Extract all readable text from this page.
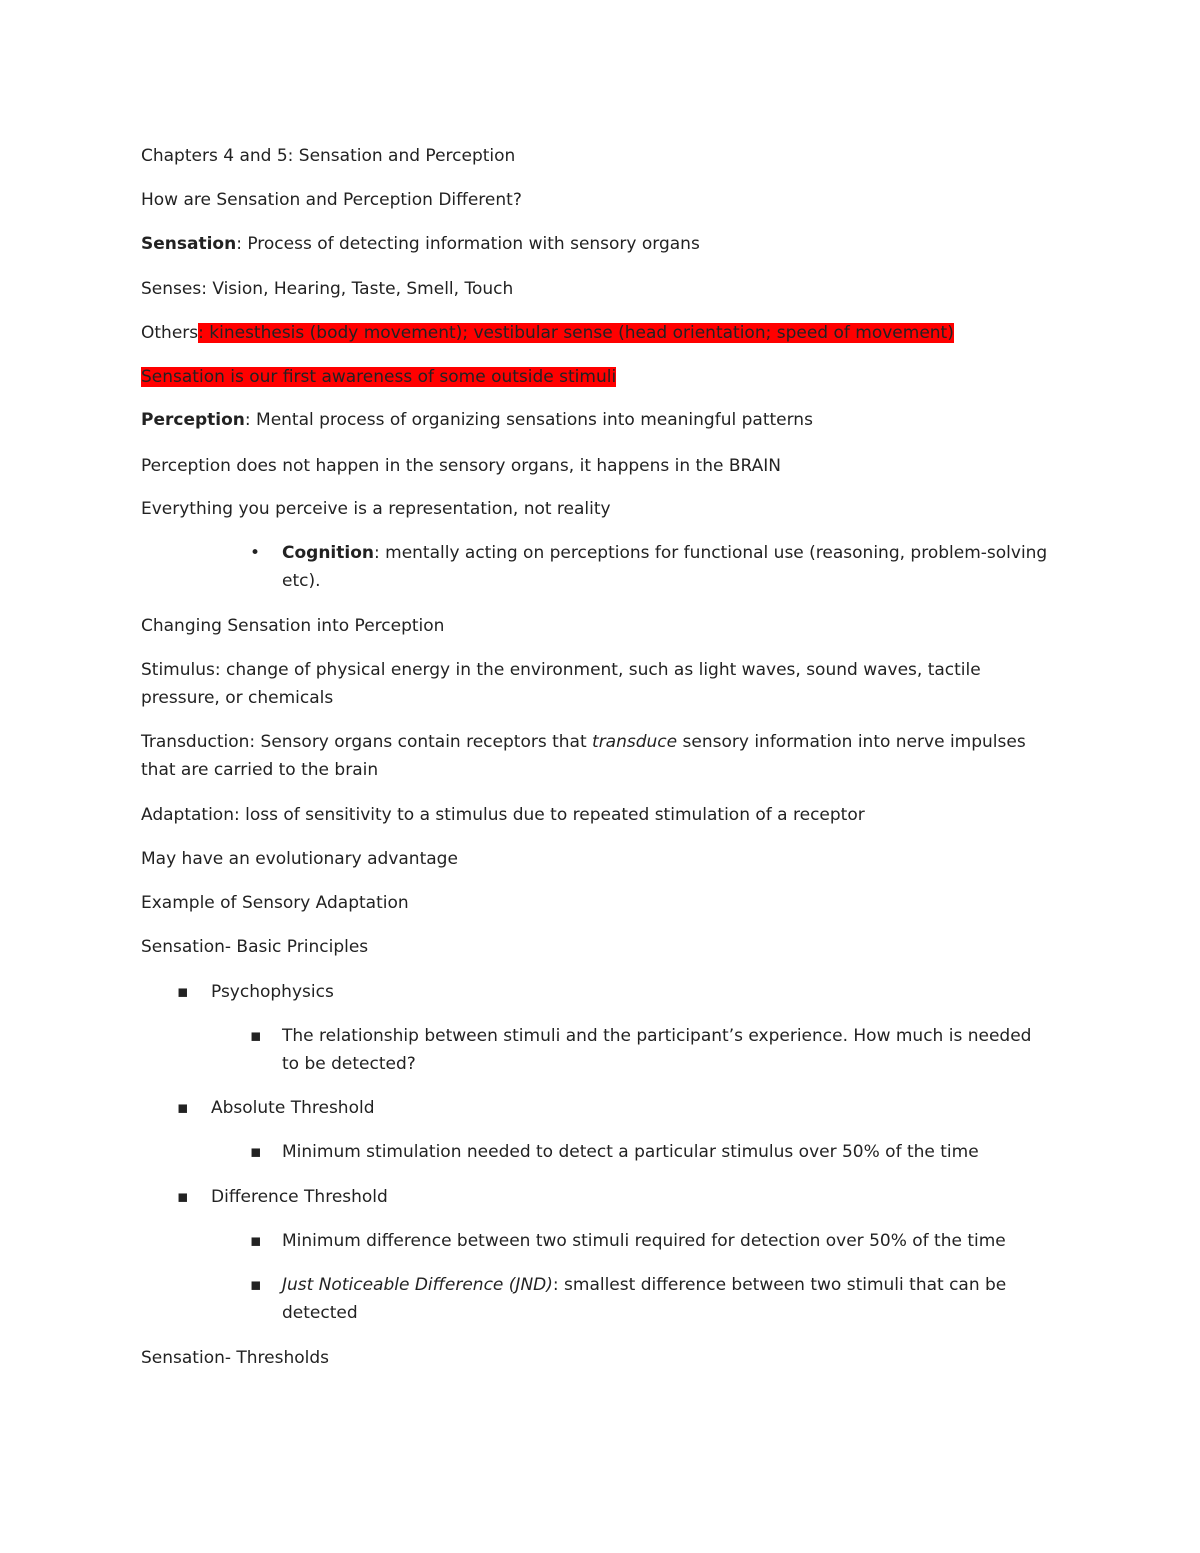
Chapters 4 and 5: Sensation and Perception
How are Sensation and Perception Different?
Sensation: Process of detecting information with sensory organs
Senses: Vision, Hearing, Taste, Smell, Touch
Others: kinesthesis (body movement); vestibular sense (head orientation; speed of movement)
Sensation is our first awareness of some outside stimuli
Perception: Mental process of organizing sensations into meaningful patterns
Perception does not happen in the sensory organs, it happens in the BRAIN
Everything you perceive is a representation, not reality
• Cognition: mentally acting on perceptions for functional use (reasoning, problem-solving
etc).
Changing Sensation into Perception
Stimulus: change of physical energy in the environment, such as light waves, sound waves, tactile
pressure, or chemicals
Transduction: Sensory organs contain receptors that transduce sensory information into nerve impulses
that are carried to the brain
Adaptation: loss of sensitivity to a stimulus due to repeated stimulation of a receptor
May have an evolutionary advantage
Example of Sensory Adaptation
Sensation- Basic Principles
▪ Psychophysics
▪ The relationship between stimuli and the participant’s experience. How much is needed
to be detected?
▪ Absolute Threshold
▪ Minimum stimulation needed to detect a particular stimulus over 50% of the time
▪ Difference Threshold
▪ Minimum difference between two stimuli required for detection over 50% of the time
▪ Just Noticeable Difference (JND): smallest difference between two stimuli that can be
detected
Sensation- Thresholds
